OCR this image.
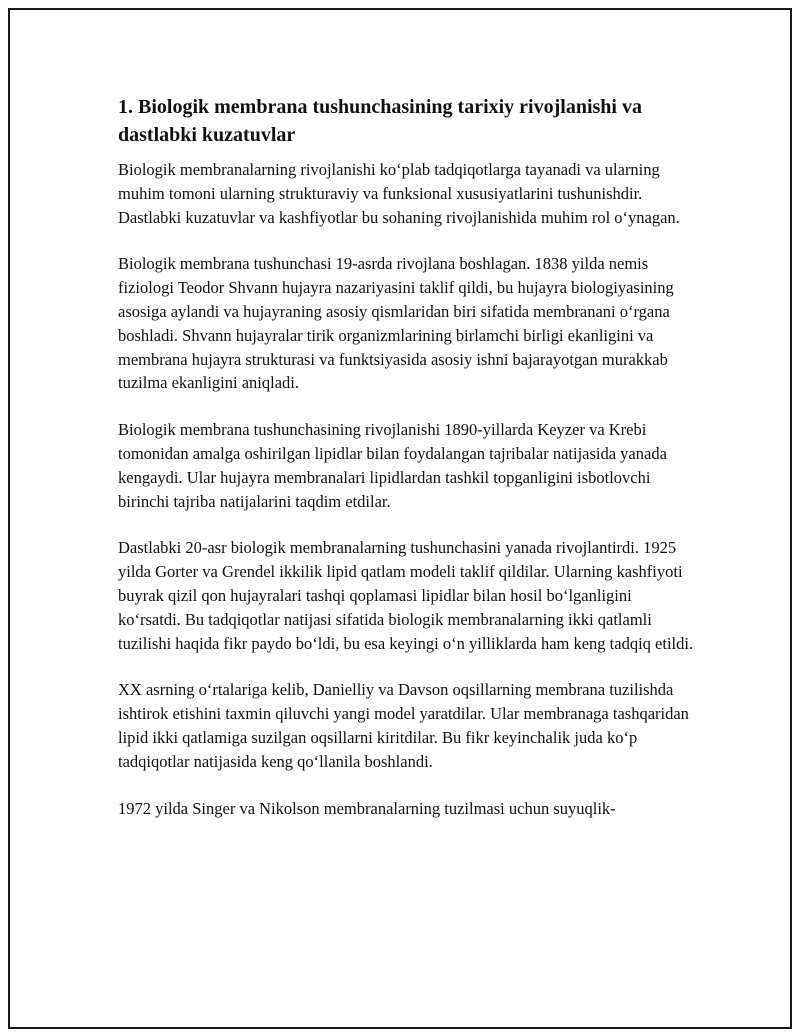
1. Biologik membrana tushunchasining tarixiy rivojlanishi va dastlabki kuzatuvlar

Biologik membranalarning rivojlanishi ko‘plab tadqiqotlarga tayanadi va ularning muhim tomoni ularning strukturaviy va funksional xususiyatlarini tushunishdir. Dastlabki kuzatuvlar va kashfiyotlar bu sohaning rivojlanishida muhim rol o‘ynagan.

Biologik membrana tushunchasi 19-asrda rivojlana boshlagan. 1838 yilda nemis fiziologi Teodor Shvann hujayra nazariyasini taklif qildi, bu hujayra biologiyasining asosiga aylandi va hujayraning asosiy qismlaridan biri sifatida membranani o‘rgana boshladi. Shvann hujayralar tirik organizmlarining birlamchi birligi ekanligini va membrana hujayra strukturasi va funktsiyasida asosiy ishni bajarayotgan murakkab tuzilma ekanligini aniqladi.

Biologik membrana tushunchasining rivojlanishi 1890-yillarda Keyzer va Krebi tomonidan amalga oshirilgan lipidlar bilan foydalangan tajribalar natijasida yanada kengaydi. Ular hujayra membranalari lipidlardan tashkil topganligini isbotlovchi birinchi tajriba natijalarini taqdim etdilar.

Dastlabki 20-asr biologik membranalarning tushunchasini yanada rivojlantirdi. 1925 yilda Gorter va Grendel ikkilik lipid qatlam modeli taklif qildilar. Ularning kashfiyoti buyrak qizil qon hujayralari tashqi qoplamasi lipidlar bilan hosil bo‘lganligini ko‘rsatdi. Bu tadqiqotlar natijasi sifatida biologik membranalarning ikki qatlamli tuzilishi haqida fikr paydo bo‘ldi, bu esa keyingi o‘n yilliklarda ham keng tadqiq etildi.

XX asrning o‘rtalariga kelib, Danielliy va Davson oqsillarning membrana tuzilishda ishtirok etishini taxmin qiluvchi yangi model yaratdilar. Ular membranaga tashqaridan lipid ikki qatlamiga suzilgan oqsillarni kiritdilar. Bu fikr keyinchalik juda ko‘p tadqiqotlar natijasida keng qo‘llanila boshlandi.

1972 yilda Singer va Nikolson membranalarning tuzilmasi uchun suyuqlik-
